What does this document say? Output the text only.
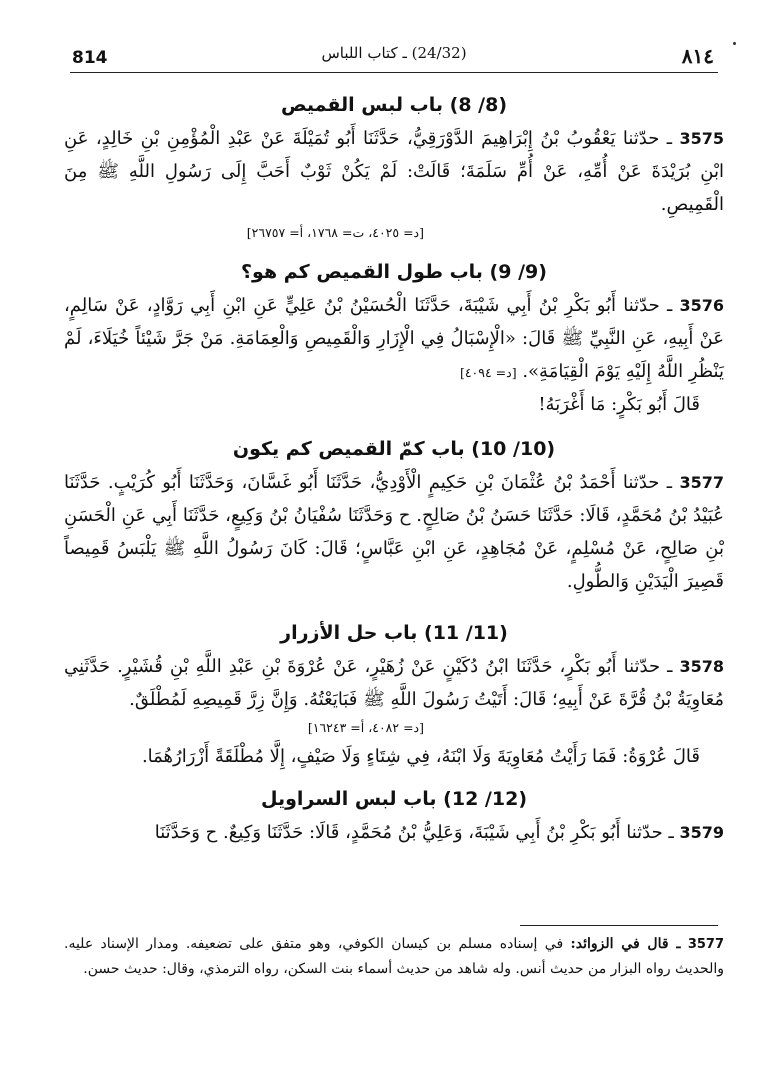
814	(24/32) ـ كتاب اللباس	٨١٤
(8/ 8) باب لبس القميص

3575 ـ حدّثنا يَعْقُوبُ بْنُ إِبْرَاهِيمَ الدَّوْرَقِيُّ، حَدَّثَنَا أَبُو تُمَيْلَةَ عَنْ عَبْدِ الْمُؤْمِنِ بْنِ خَالِدٍ، عَنِ ابْنِ بُرَيْدَةَ عَنْ أُمِّهِ، عَنْ أُمِّ سَلَمَةَ؛ قَالَتْ: لَمْ يَكُنْ ثَوْبٌ أَحَبَّ إِلَى رَسُولِ اللَّهِ ﷺ مِنَ الْقَمِيصِ.

[د= ٤٠٢٥، ت= ١٧٦٨، أ= ٢٦٧٥٧]

(9/ 9) باب طول القميص كم هو؟

3576 ـ حدّثنا أَبُو بَكْرِ بْنُ أَبِي شَيْبَةَ، حَدَّثَنَا الْحُسَيْنُ بْنُ عَلِيٍّ عَنِ ابْنِ أَبِي رَوَّادٍ، عَنْ سَالِمٍ، عَنْ أَبِيهِ، عَنِ النَّبِيِّ ﷺ قَالَ: «الْإِسْبَالُ فِي الْإِزَارِ وَالْقَمِيصِ وَالْعِمَامَةِ. مَنْ جَرَّ شَيْئاً خُيَلَاءَ، لَمْ يَنْظُرِ اللَّهُ إِلَيْهِ يَوْمَ الْقِيَامَةِ». [د= ٤٠٩٤]

قَالَ أَبُو بَكْرٍ: مَا أَغْرَبَهُ!

(10/ 10) باب كمّ القميص كم يكون

3577 ـ حدّثنا أَحْمَدُ بْنُ عُثْمَانَ بْنِ حَكِيمٍ الْأَوْدِيُّ، حَدَّثَنَا أَبُو غَسَّانَ، وَحَدَّثَنَا أَبُو كُرَيْبٍ. حَدَّثَنَا عُبَيْدُ بْنُ مُحَمَّدٍ، قَالَا: حَدَّثَنَا حَسَنُ بْنُ صَالِحٍ. ح وَحَدَّثَنَا سُفْيَانُ بْنُ وَكِيعٍ، حَدَّثَنَا أَبِي عَنِ الْحَسَنِ بْنِ صَالِحٍ، عَنْ مُسْلِمٍ، عَنْ مُجَاهِدٍ، عَنِ ابْنِ عَبَّاسٍ؛ قَالَ: كَانَ رَسُولُ اللَّهِ ﷺ يَلْبَسُ قَمِيصاً قَصِيرَ الْيَدَيْنِ وَالطُّولِ.

(11/ 11) باب حل الأزرار

3578 ـ حدّثنا أَبُو بَكْرٍ، حَدَّثَنَا ابْنُ دُكَيْنٍ عَنْ زُهَيْرٍ، عَنْ عُرْوَةَ بْنِ عَبْدِ اللَّهِ بْنِ قُشَيْرٍ. حَدَّثَنِي مُعَاوِيَةُ بْنُ قُرَّةَ عَنْ أَبِيهِ؛ قَالَ: أَتَيْتُ رَسُولَ اللَّهِ ﷺ فَبَايَعْتُهُ. وَإِنَّ زِرَّ قَمِيصِهِ لَمُطْلَقٌ.

[د= ٤٠٨٢، أ= ١٦٢٤٣]

قَالَ عُرْوَةُ: فَمَا رَأَيْتُ مُعَاوِيَةَ وَلَا ابْنَهُ، فِي شِتَاءٍ وَلَا صَيْفٍ، إِلَّا مُطْلَقَةً أَزْرَارُهُمَا.

(12/ 12) باب لبس السراويل

3579 ـ حدّثنا أَبُو بَكْرِ بْنُ أَبِي شَيْبَةَ، وَعَلِيُّ بْنُ مُحَمَّدٍ، قَالَا: حَدَّثَنَا وَكِيعٌ. ح وَحَدَّثَنَا

3577 ـ قال في الزوائد: في إسناده مسلم بن كيسان الكوفي، وهو متفق على تضعيفه. ومدار الإسناد عليه. والحديث رواه البزار من حديث أنس. وله شاهد من حديث أسماء بنت السكن، رواه الترمذي، وقال: حديث حسن.
